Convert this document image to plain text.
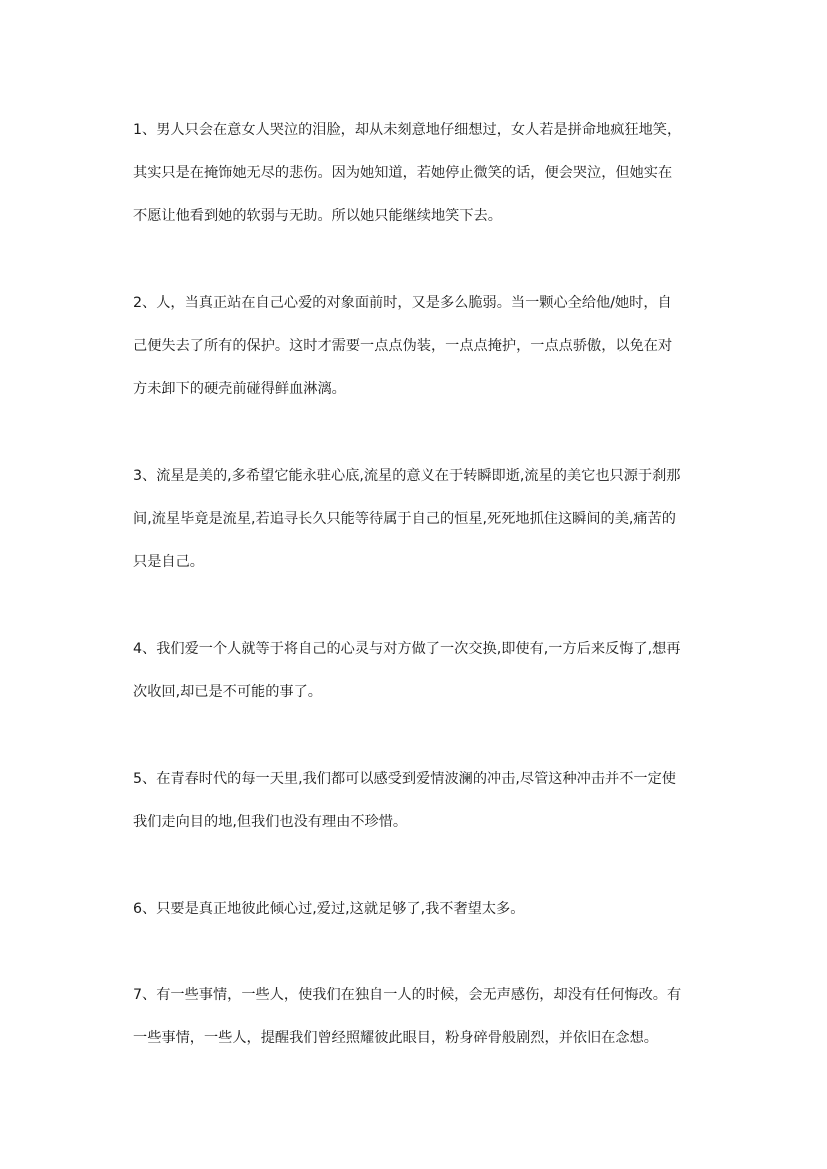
1、男人只会在意女人哭泣的泪脸，却从未刻意地仔细想过，女人若是拼命地疯狂地笑，
其实只是在掩饰她无尽的悲伤。因为她知道，若她停止微笑的话，便会哭泣，但她实在
不愿让他看到她的软弱与无助。所以她只能继续地笑下去。
2、人，当真正站在自己心爱的对象面前时，又是多么脆弱。当一颗心全给他/她时，自
己便失去了所有的保护。这时才需要一点点伪装，一点点掩护，一点点骄傲，以免在对
方未卸下的硬壳前碰得鲜血淋漓。
3、流星是美的,多希望它能永驻心底,流星的意义在于转瞬即逝,流星的美它也只源于刹那
间,流星毕竟是流星,若追寻长久只能等待属于自己的恒星,死死地抓住这瞬间的美,痛苦的
只是自己。
4、我们爱一个人就等于将自己的心灵与对方做了一次交换,即使有,一方后来反悔了,想再
次收回,却已是不可能的事了。
5、在青春时代的每一天里,我们都可以感受到爱情波澜的冲击,尽管这种冲击并不一定使
我们走向目的地,但我们也没有理由不珍惜。
6、只要是真正地彼此倾心过,爱过,这就足够了,我不奢望太多。
7、有一些事情，一些人，使我们在独自一人的时候，会无声感伤，却没有任何悔改。有
一些事情，一些人，提醒我们曾经照耀彼此眼目，粉身碎骨般剧烈，并依旧在念想。
